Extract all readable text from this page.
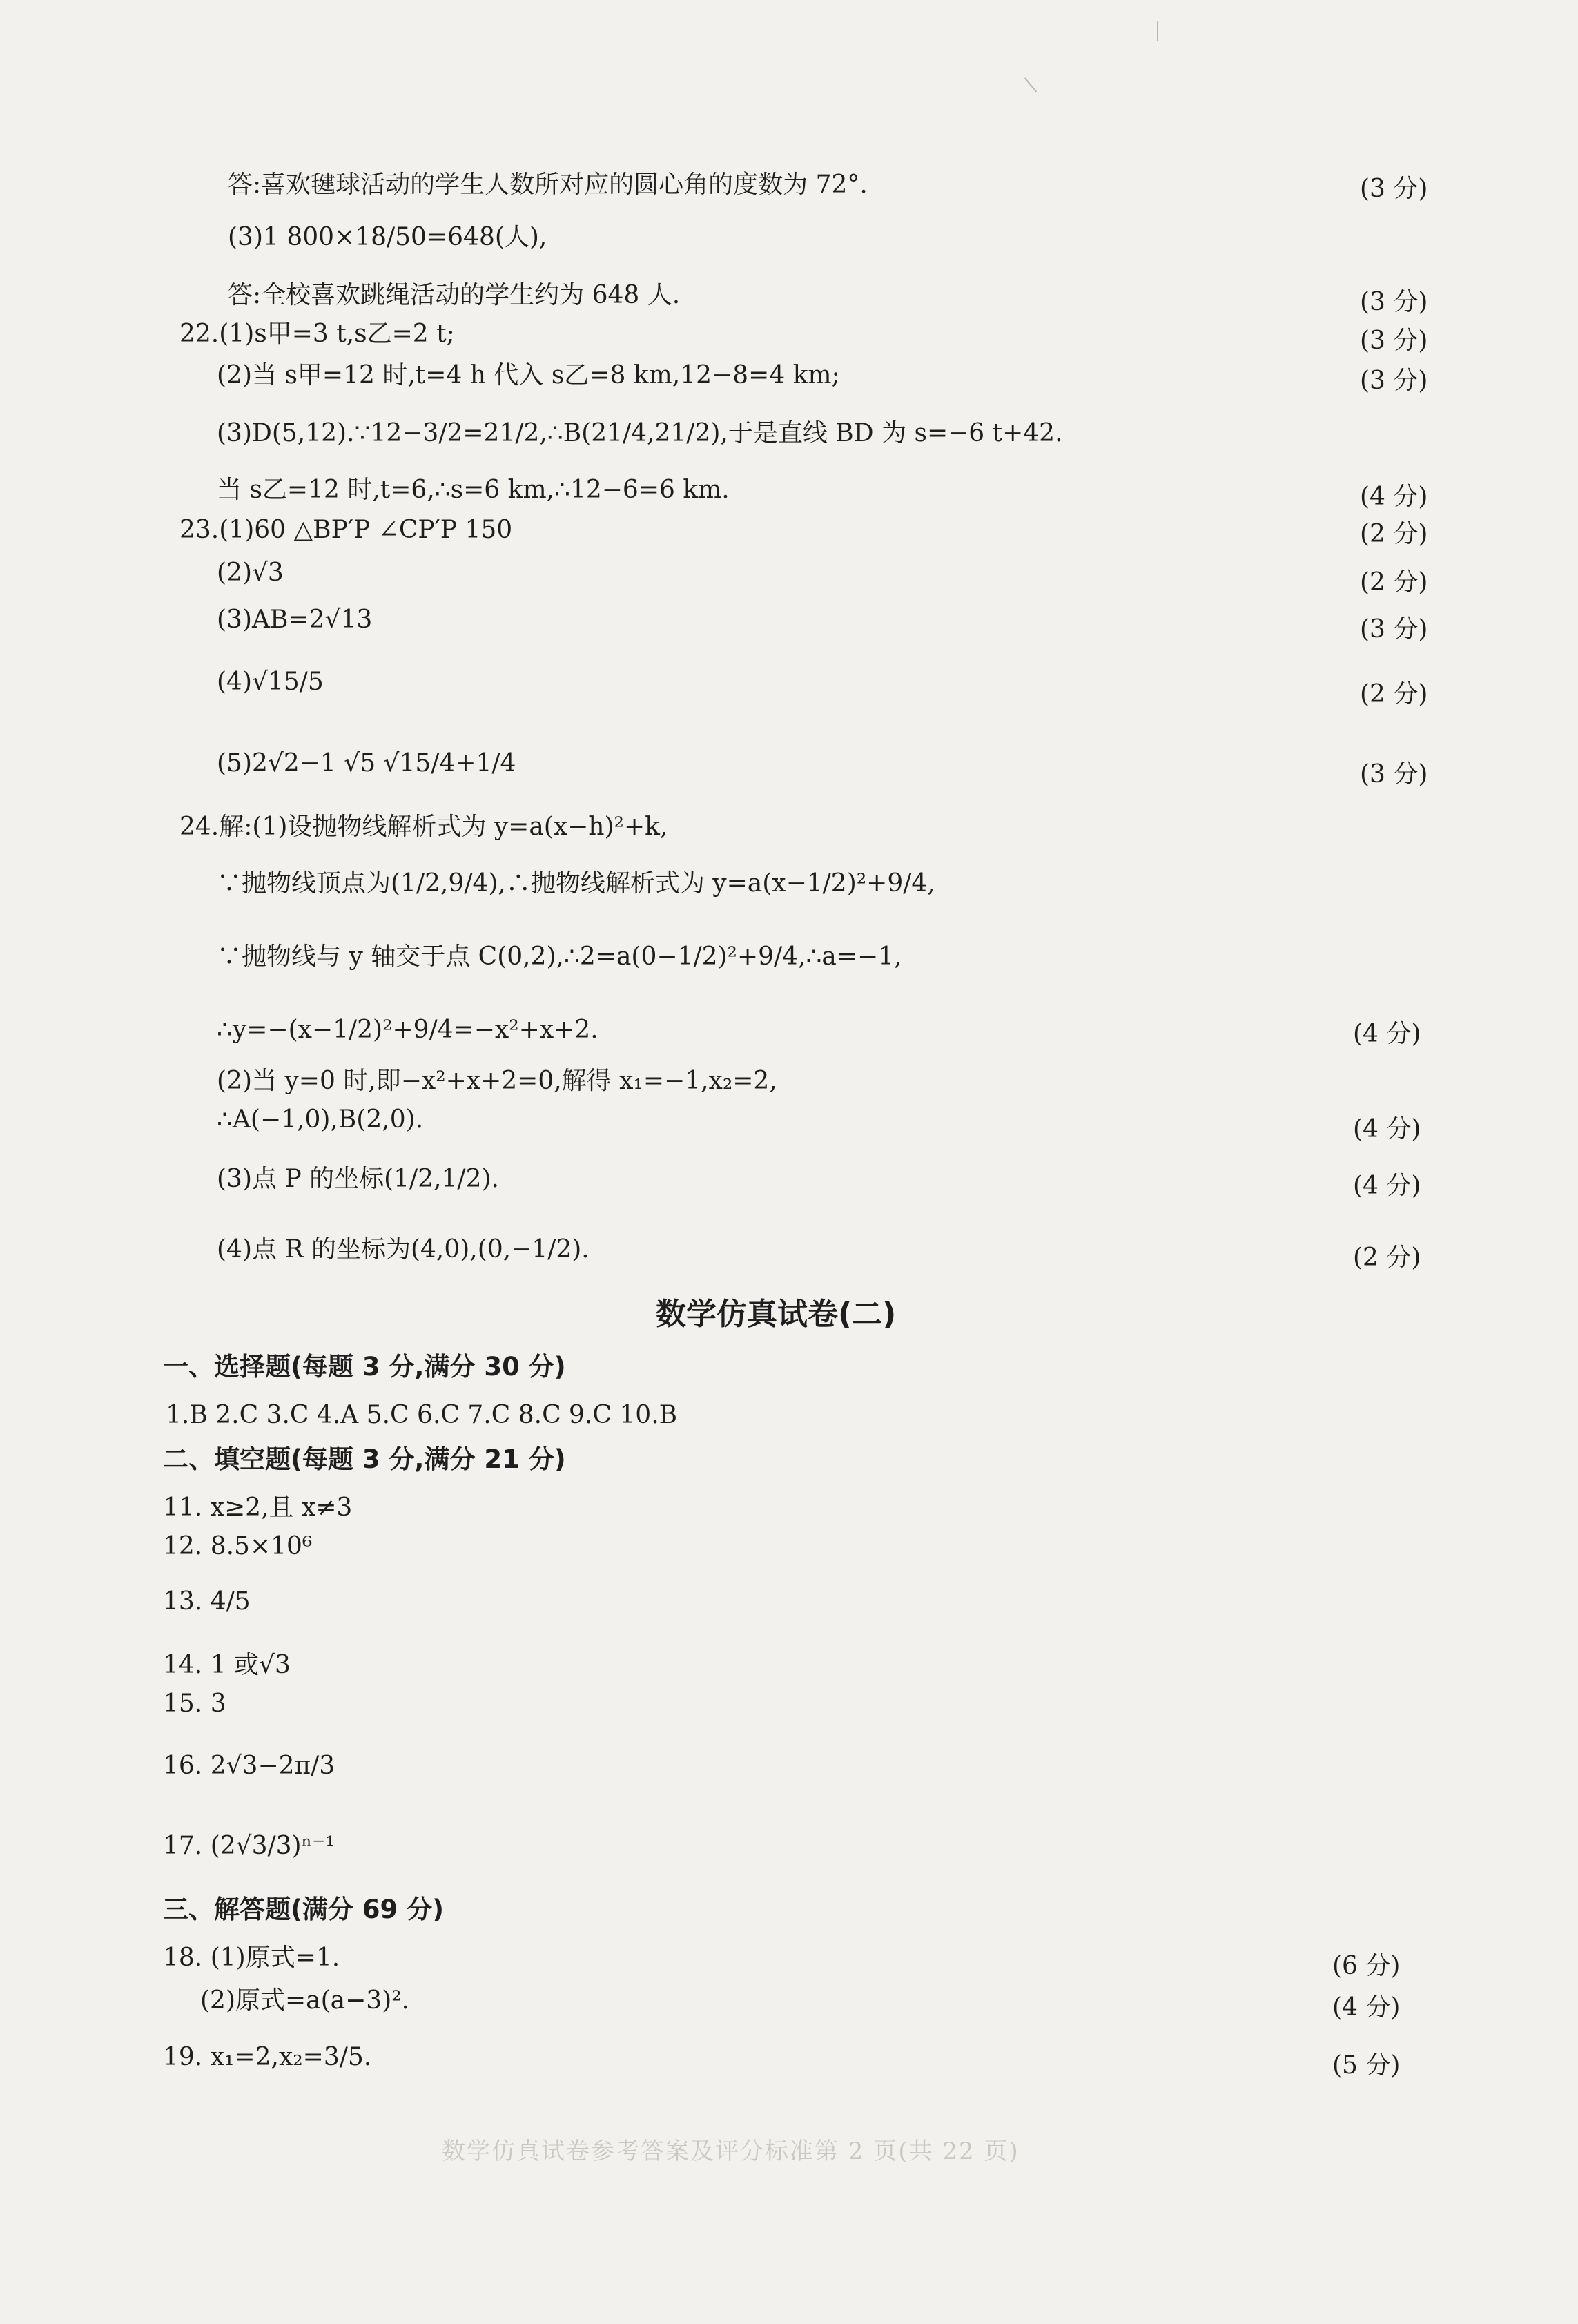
答:喜欢毽球活动的学生人数所对应的圆心角的度数为 72°.
(3)1 800×18/50=648(人),
答:全校喜欢跳绳活动的学生约为 648 人.
22.(1)s甲=3 t,s乙=2 t;
(2)当 s甲=12 时,t=4 h 代入 s乙=8 km,12−8=4 km;
(3)D(5,12).∵12−3/2=21/2,∴B(21/4,21/2),于是直线 BD 为 s=−6 t+42.
当 s乙=12 时,t=6,∴s=6 km,∴12−6=6 km.
23.(1)60 △BP′P ∠CP′P 150
(2)√3
(3)AB=2√13
(4)√15/5
(5)2√2−1 √5 √15/4+1/4
24.解:(1)设抛物线解析式为 y=a(x−h)²+k,
∵抛物线顶点为(1/2,9/4),∴抛物线解析式为 y=a(x−1/2)²+9/4,
∵抛物线与 y 轴交于点 C(0,2),∴2=a(0−1/2)²+9/4,∴a=−1,
∴y=−(x−1/2)²+9/4=−x²+x+2.
(2)当 y=0 时,即−x²+x+2=0,解得 x₁=−1,x₂=2,
∴A(−1,0),B(2,0).
(3)点 P 的坐标(1/2,1/2).
(4)点 R 的坐标为(4,0),(0,−1/2).
(3 分)
(3 分)
(3 分)
(3 分)
(4 分)
(2 分)
(2 分)
(3 分)
(2 分)
(3 分)
(4 分)
(4 分)
(4 分)
(2 分)
数学仿真试卷(二)
一、选择题(每题 3 分,满分 30 分)
1.B 2.C 3.C 4.A 5.C 6.C 7.C 8.C 9.C 10.B
二、填空题(每题 3 分,满分 21 分)
11. x≥2,且 x≠3
12. 8.5×10⁶
13. 4/5
14. 1 或√3
15. 3
16. 2√3−2π/3
17. (2√3/3)ⁿ⁻¹
三、解答题(满分 69 分)
18. (1)原式=1.
(2)原式=a(a−3)².
19. x₁=2,x₂=3/5.
(6 分)
(4 分)
(5 分)
数学仿真试卷参考答案及评分标准第 2 页(共 22 页)
